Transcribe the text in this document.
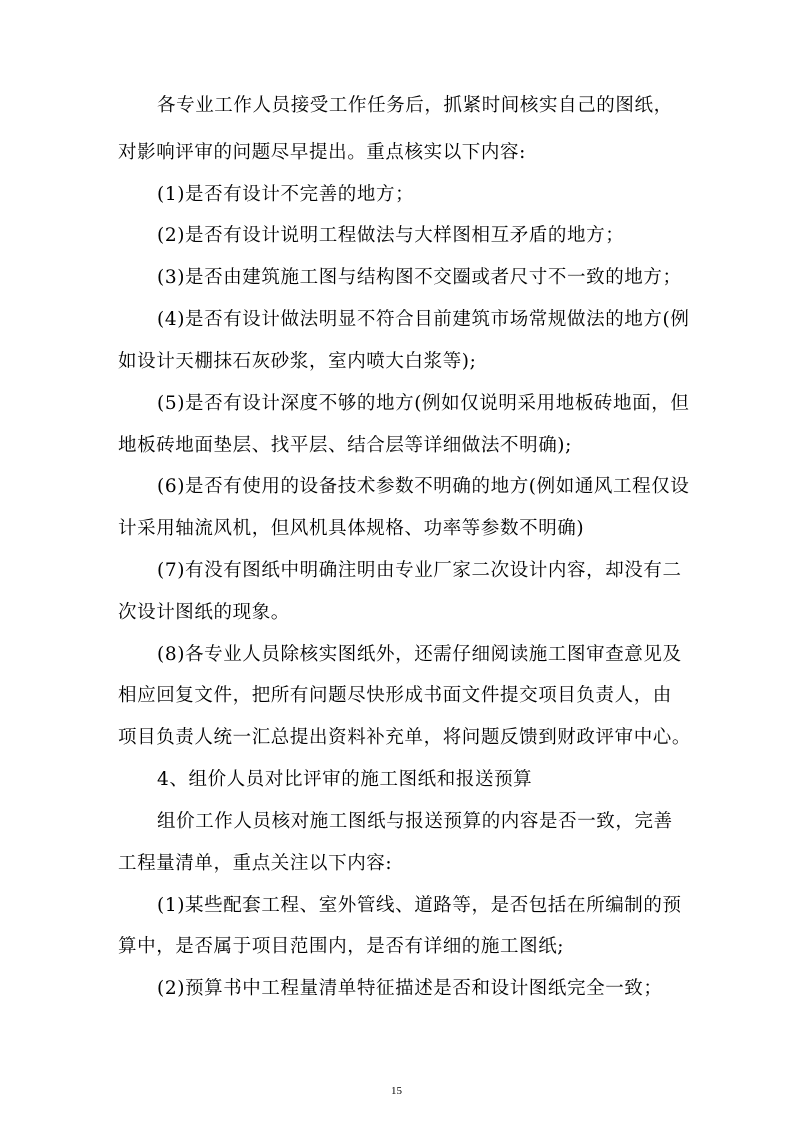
各专业工作人员接受工作任务后，抓紧时间核实自己的图纸，
对影响评审的问题尽早提出。重点核实以下内容:
(1)是否有设计不完善的地方；
(2)是否有设计说明工程做法与大样图相互矛盾的地方；
(3)是否由建筑施工图与结构图不交圈或者尺寸不一致的地方；
(4)是否有设计做法明显不符合目前建筑市场常规做法的地方(例
如设计天棚抹石灰砂浆，室内喷大白浆等);
(5)是否有设计深度不够的地方(例如仅说明采用地板砖地面，但
地板砖地面垫层、找平层、结合层等详细做法不明确);
(6)是否有使用的设备技术参数不明确的地方(例如通风工程仅设
计采用轴流风机，但风机具体规格、功率等参数不明确)
(7)有没有图纸中明确注明由专业厂家二次设计内容，却没有二
次设计图纸的现象。
(8)各专业人员除核实图纸外，还需仔细阅读施工图审查意见及
相应回复文件，把所有问题尽快形成书面文件提交项目负责人，由
项目负责人统一汇总提出资料补充单，将问题反馈到财政评审中心。
4、组价人员对比评审的施工图纸和报送预算
组价工作人员核对施工图纸与报送预算的内容是否一致，完善
工程量清单，重点关注以下内容:
(1)某些配套工程、室外管线、道路等，是否包括在所编制的预
算中，是否属于项目范围内，是否有详细的施工图纸;
(2)预算书中工程量清单特征描述是否和设计图纸完全一致；
15
